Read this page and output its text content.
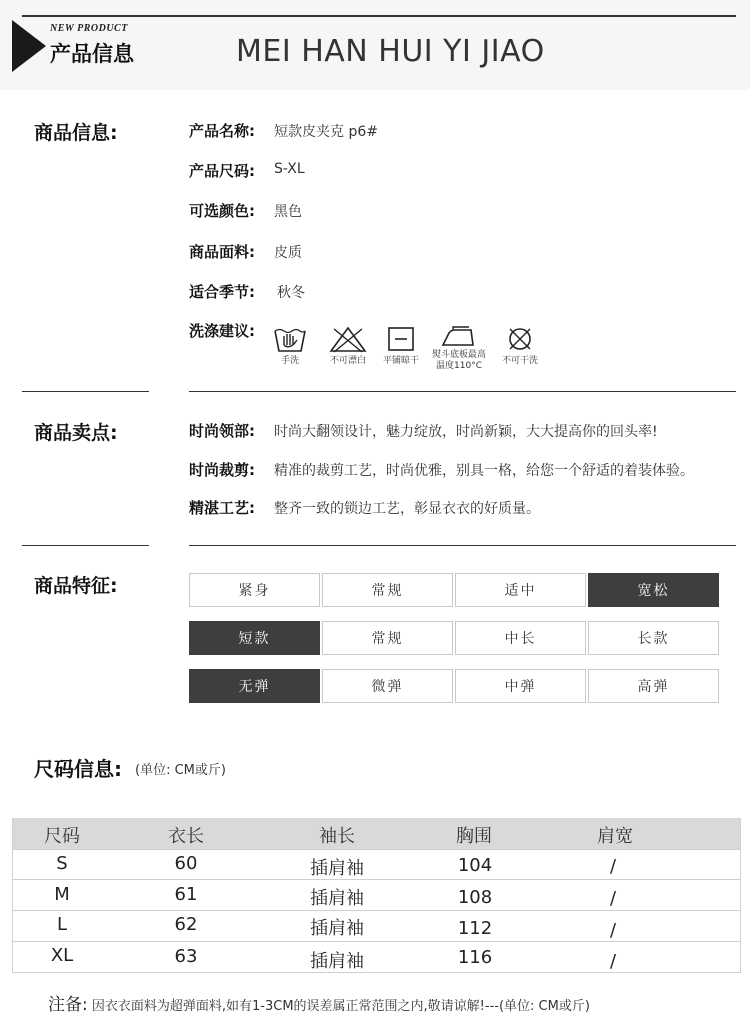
NEW PRODUCT
产品信息	MEI HAN HUI YI JIAO
商品信息:	产品名称: 短款皮夹克 p6#
产品尺码: S-XL
可选颜色: 黑色
商品面料: 皮质
适合季节: 秋冬
洗涤建议:
手洗	不可漂白	平铺晾干
熨斗底板最高
温度110°C	不可干洗
商品卖点:	时尚领部: 时尚大翻领设计，魅力绽放，时尚新颖，大大提高你的回头率!
时尚裁剪: 精准的裁剪工艺，时尚优雅，别具一格，给您一个舒适的着装体验。
精湛工艺: 整齐一致的锁边工艺，彰显衣衣的好质量。
商品特征:	紧身	常规	适中	宽松
短款	常规	中长	长款
无弹	微弹	中弹	高弹
尺码信息: (单位: CM或斤)
尺码	衣长	袖长	胸围	肩宽
S	60	插肩袖	104	/
M	61	插肩袖	108	/
L	62	插肩袖	112	/
XL	63	插肩袖	116	/
注备: 因衣衣面料为超弹面料,如有1-3CM的误差属正常范围之内,敬请谅解!---(单位: CM或斤)
